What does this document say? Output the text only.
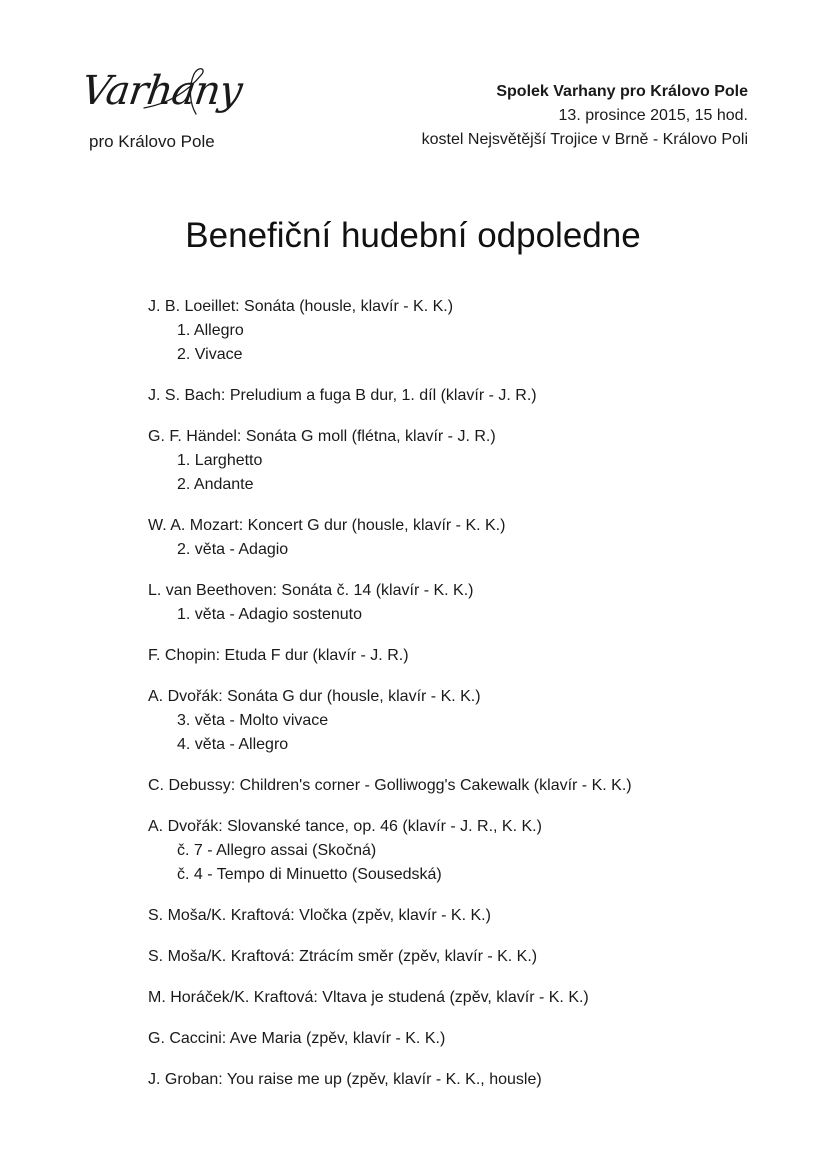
Varhany
pro Královo Pole
Spolek Varhany pro Královo Pole
13. prosince 2015, 15 hod.
kostel Nejsvětější Trojice v Brně - Královo Poli
Benefiční hudební odpoledne
J. B. Loeillet: Sonáta (housle, klavír - K. K.)
1. Allegro
2. Vivace
J. S. Bach: Preludium a fuga B dur, 1. díl (klavír - J. R.)
G. F. Händel: Sonáta G moll (flétna, klavír - J. R.)
1. Larghetto
2. Andante
W. A. Mozart: Koncert G dur (housle, klavír - K. K.)
2. věta - Adagio
L. van Beethoven: Sonáta č. 14 (klavír - K. K.)
1. věta - Adagio sostenuto
F. Chopin: Etuda F dur (klavír - J. R.)
A. Dvořák: Sonáta G dur (housle, klavír - K. K.)
3. věta - Molto vivace
4. věta - Allegro
C. Debussy: Children's corner - Golliwogg's Cakewalk (klavír - K. K.)
A. Dvořák: Slovanské tance, op. 46 (klavír - J. R., K. K.)
č. 7 - Allegro assai (Skočná)
č. 4 - Tempo di Minuetto (Sousedská)
S. Moša/K. Kraftová: Vločka (zpěv, klavír - K. K.)
S. Moša/K. Kraftová: Ztrácím směr (zpěv, klavír - K. K.)
M. Horáček/K. Kraftová: Vltava je studená (zpěv, klavír - K. K.)
G. Caccini: Ave Maria (zpěv, klavír - K. K.)
J. Groban: You raise me up (zpěv, klavír - K. K., housle)
